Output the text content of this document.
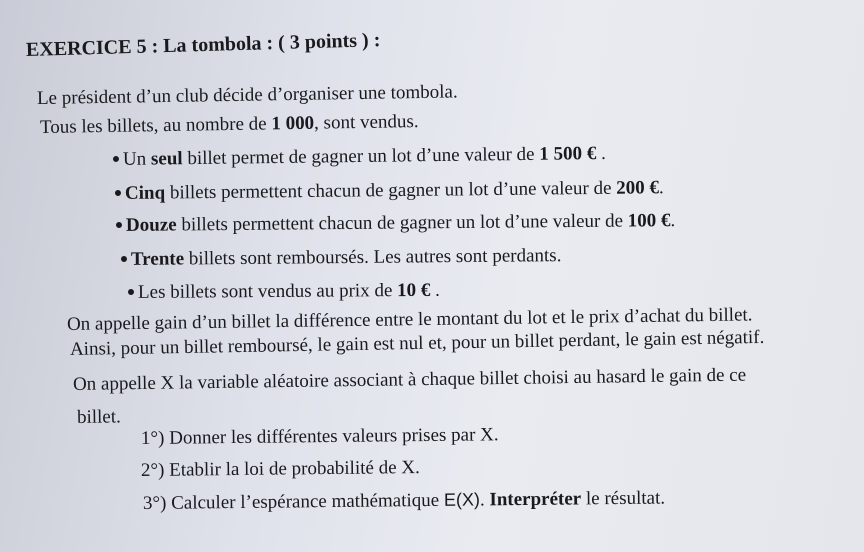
EXERCICE 5 : La tombola : ( 3 points ) :
Le président d’un club décide d’organiser une tombola.
Tous les billets, au nombre de 1 000, sont vendus.
Un seul billet permet de gagner un lot d’une valeur de 1 500 € .
Cinq billets permettent chacun de gagner un lot d’une valeur de 200 €.
Douze billets permettent chacun de gagner un lot d’une valeur de 100 €.
Trente billets sont remboursés. Les autres sont perdants.
Les billets sont vendus au prix de 10 € .
On appelle gain d’un billet la différence entre le montant du lot et le prix d’achat du billet.
Ainsi, pour un billet remboursé, le gain est nul et, pour un billet perdant, le gain est négatif.
On appelle X la variable aléatoire associant à chaque billet choisi au hasard le gain de ce
billet.
1°) Donner les différentes valeurs prises par X.
2°) Etablir la loi de probabilité de X.
3°) Calculer l’espérance mathématique E(X). Interpréter le résultat.
